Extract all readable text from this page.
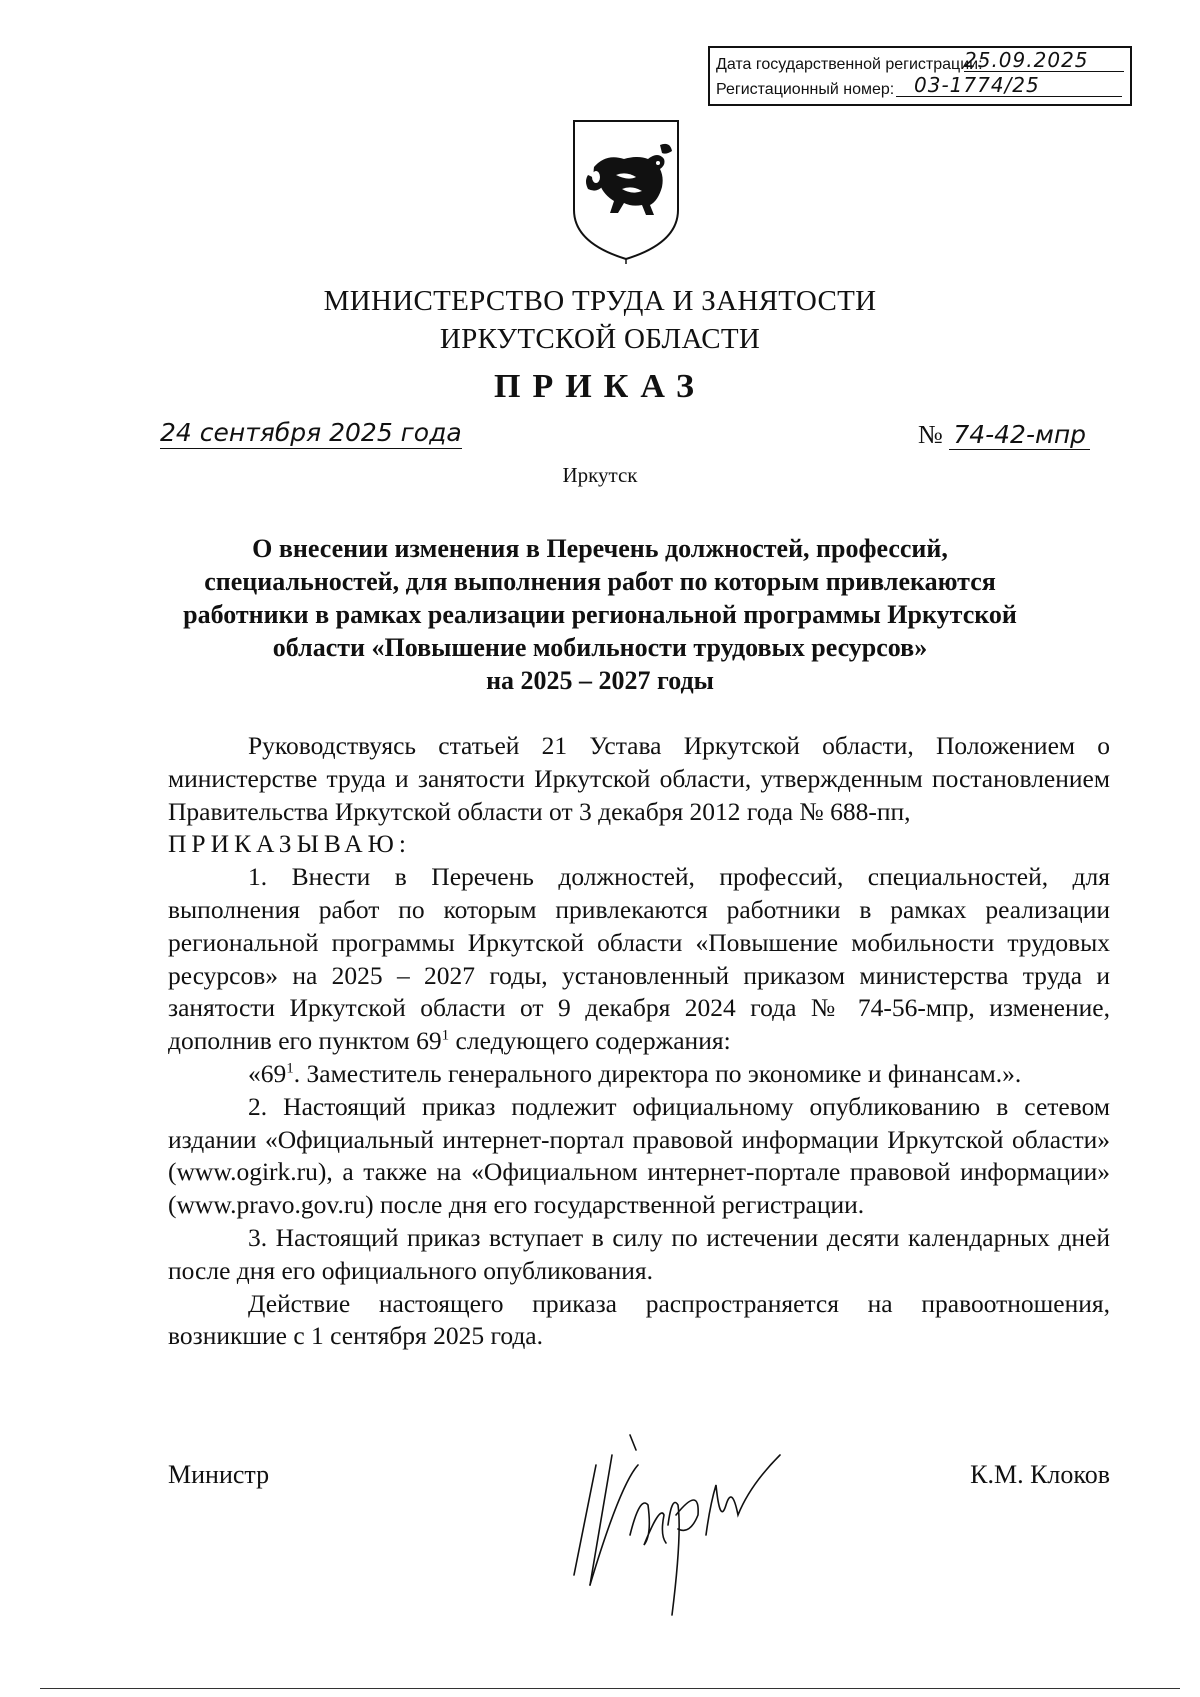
Дата государственной регистрации:
25.09.2025
Регистационный номер: 03-1774/25
МИНИСТЕРСТВО ТРУДА И ЗАНЯТОСТИ
ИРКУТСКОЙ ОБЛАСТИ
ПРИКАЗ
24 сентября 2025 года	№ 74-42-мпр
Иркутск
О внесении изменения в Перечень должностей, профессий,
специальностей, для выполнения работ по которым привлекаются
работники в рамках реализации региональной программы Иркутской
области «Повышение мобильности трудовых ресурсов»
на 2025 – 2027 годы

Руководствуясь статьей 21 Устава Иркутской области, Положением о министерстве труда и занятости Иркутской области, утвержденным постановлением Правительства Иркутской области от 3 декабря 2012 года № 688-пп,

ПРИКАЗЫВАЮ:

1. Внести в Перечень должностей, профессий, специальностей, для выполнения работ по которым привлекаются работники в рамках реализации региональной программы Иркутской области «Повышение мобильности трудовых ресурсов» на 2025 – 2027 годы, установленный приказом министерства труда и занятости Иркутской области от 9 декабря 2024 года № 74-56-мпр, изменение, дополнив его пунктом $69^1$ следующего содержания:

«$69^1$. Заместитель генерального директора по экономике и финансам.».

2. Настоящий приказ подлежит официальному опубликованию в сетевом издании «Официальный интернет-портал правовой информации Иркутской области» (www.ogirk.ru), а также на «Официальном интернет-портале правовой информации» (www.pravo.gov.ru) после дня его государственной регистрации.

3. Настоящий приказ вступает в силу по истечении десяти календарных дней после дня его официального опубликования.

Действие настоящего приказа распространяется на правоотношения, возникшие с 1 сентября 2025 года.

Министр	К.М. Клоков
